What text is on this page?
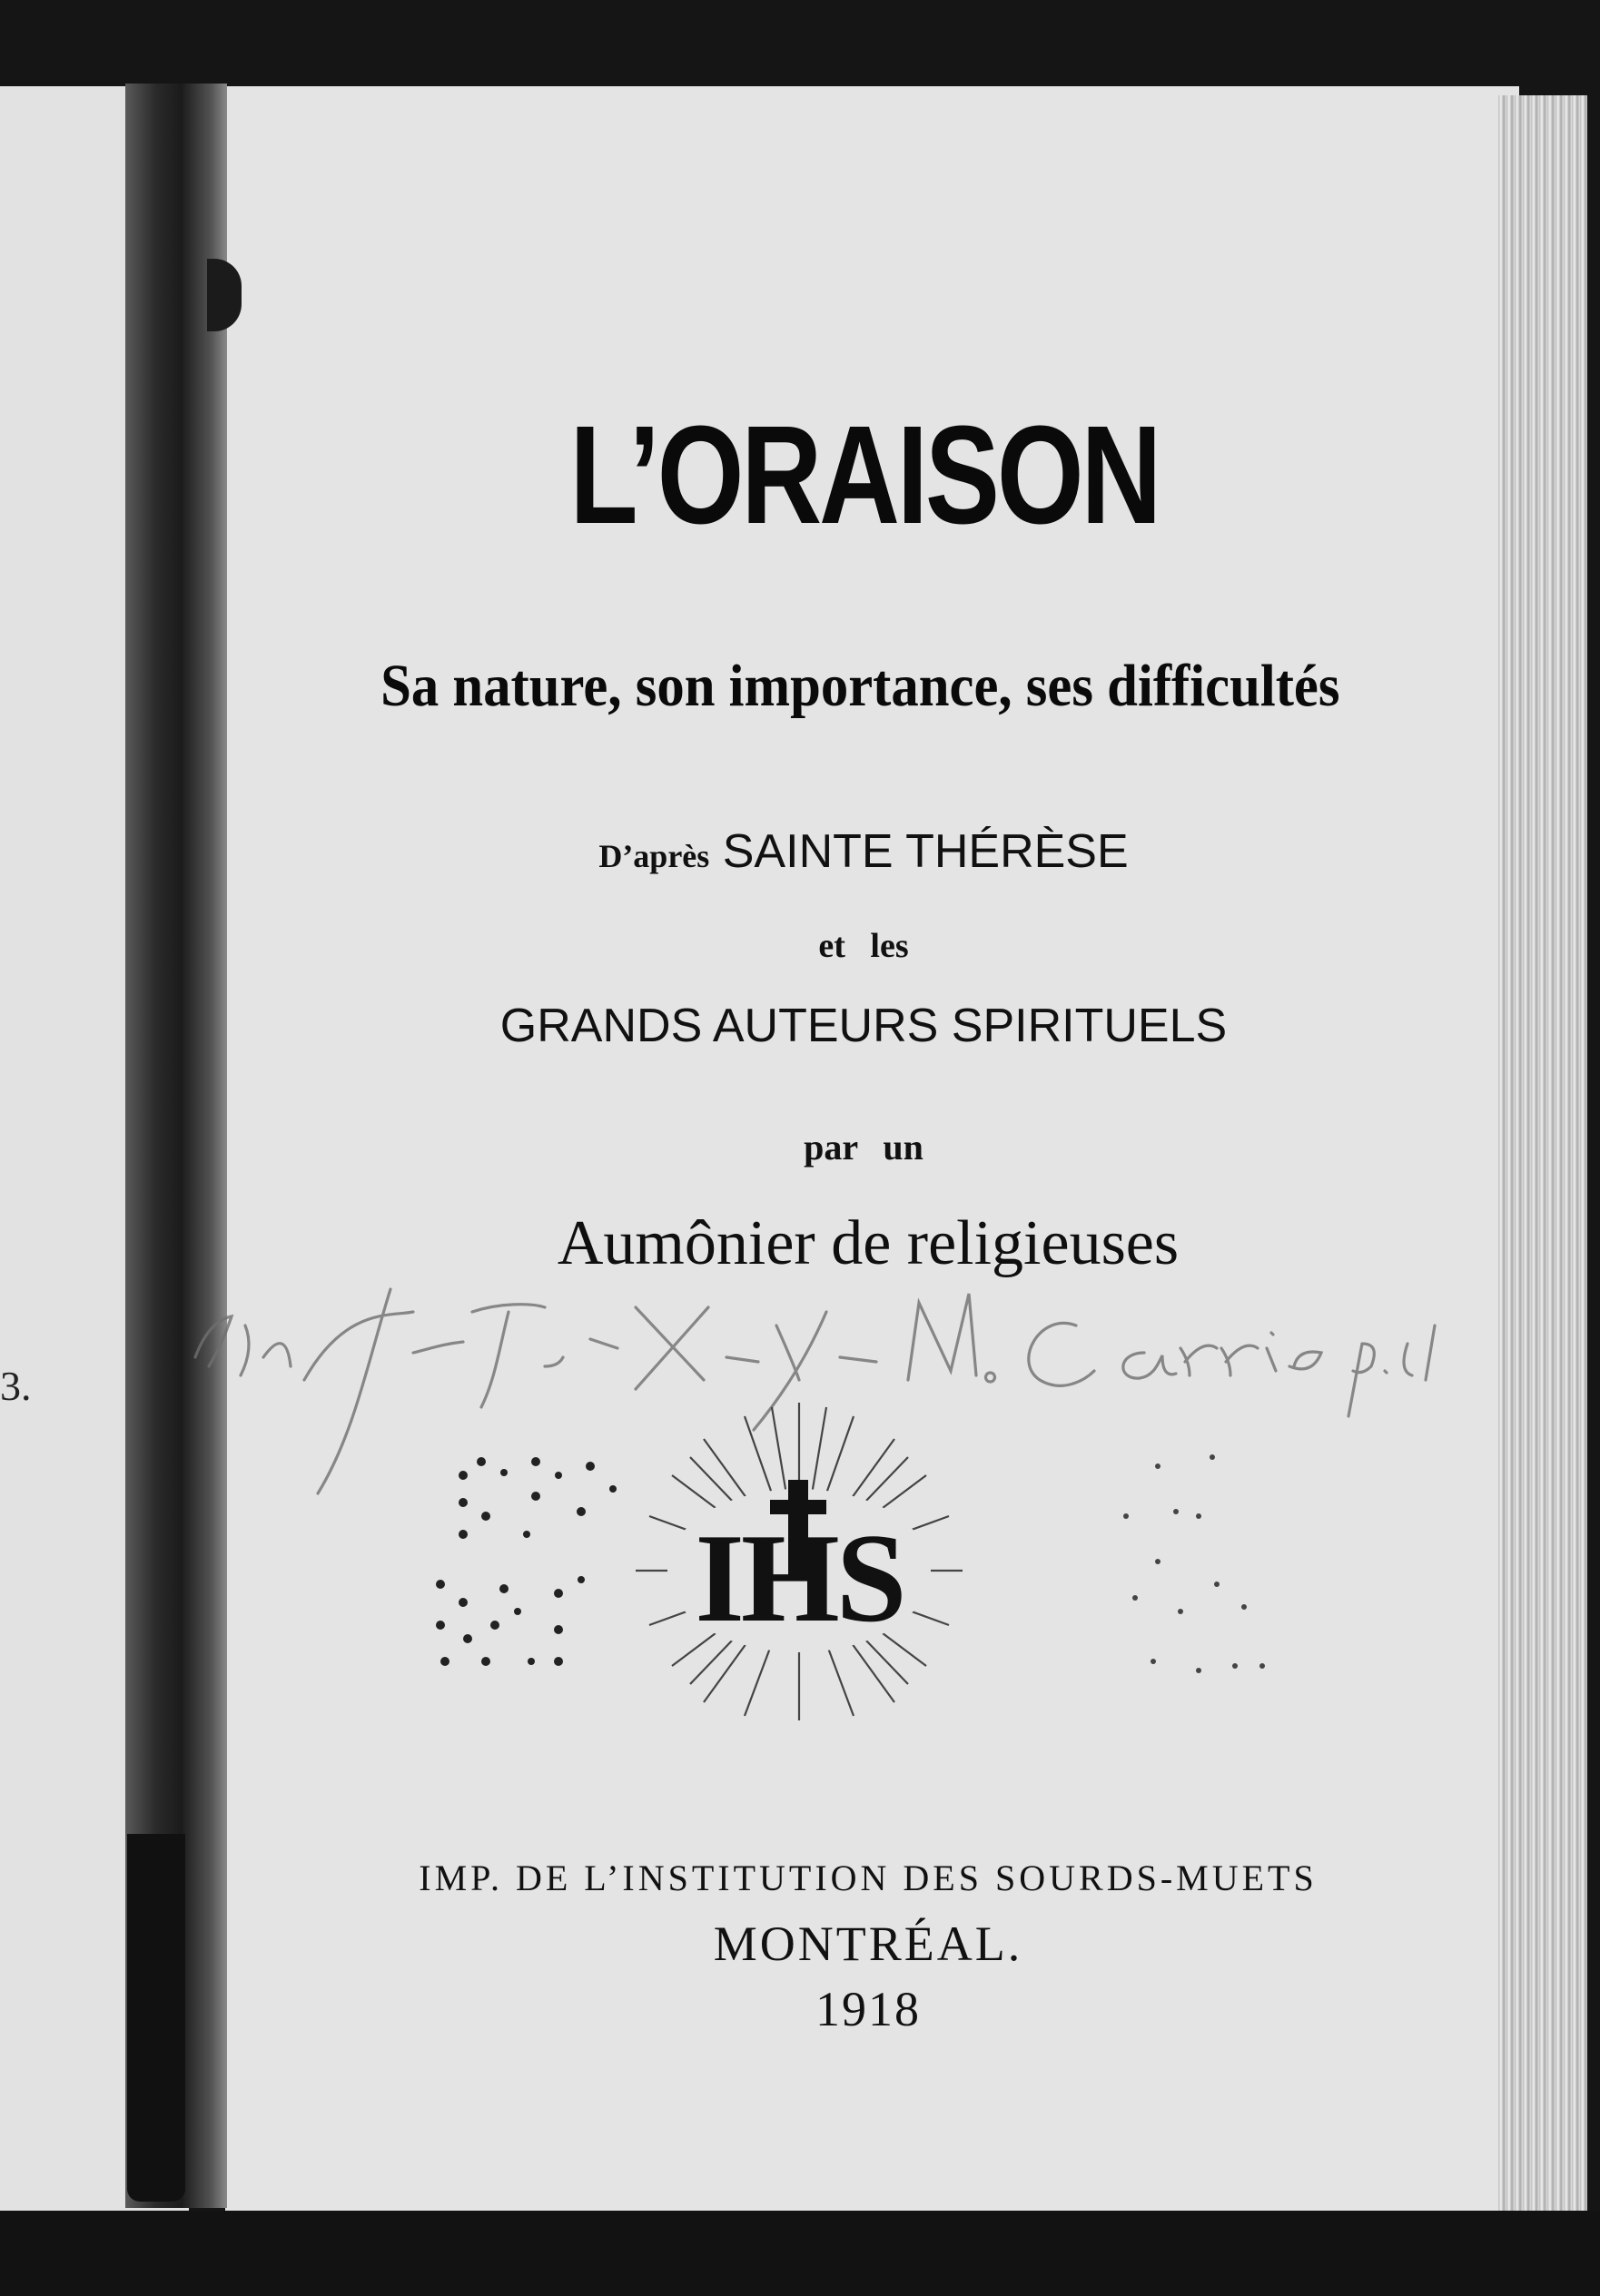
3.
L’ORAISON
Sa nature, son importance, ses difficultés
D’après SAINTE THÉRÈSE
et les
GRANDS AUTEURS SPIRITUELS
par un
Aumônier de religieuses
IHS
IMP. DE L’INSTITUTION DES SOURDS-MUETS
MONTRÉAL.
1918
